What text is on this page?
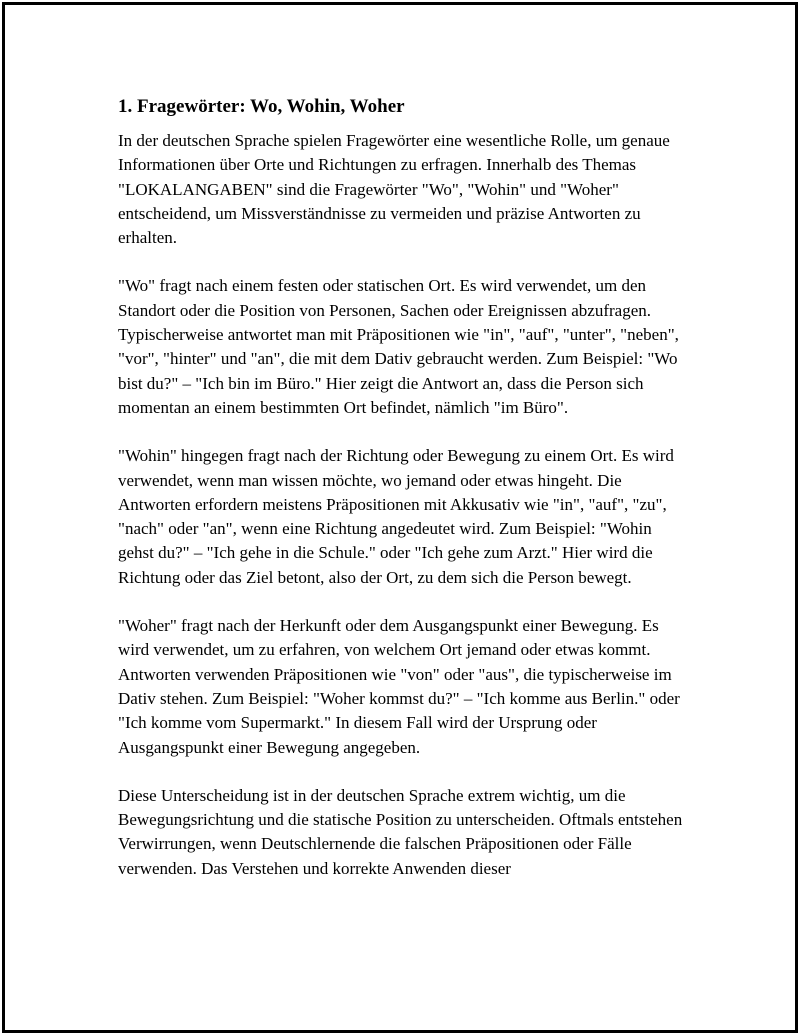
1. Fragewörter: Wo, Wohin, Woher

In der deutschen Sprache spielen Fragewörter eine wesentliche Rolle, um genaue Informationen über Orte und Richtungen zu erfragen. Innerhalb des Themas "LOKALANGABEN" sind die Fragewörter "Wo", "Wohin" und "Woher" entscheidend, um Missverständnisse zu vermeiden und präzise Antworten zu erhalten.

"Wo" fragt nach einem festen oder statischen Ort. Es wird verwendet, um den Standort oder die Position von Personen, Sachen oder Ereignissen abzufragen. Typischerweise antwortet man mit Präpositionen wie "in", "auf", "unter", "neben", "vor", "hinter" und "an", die mit dem Dativ gebraucht werden. Zum Beispiel: "Wo bist du?" – "Ich bin im Büro." Hier zeigt die Antwort an, dass die Person sich momentan an einem bestimmten Ort befindet, nämlich "im Büro".

"Wohin" hingegen fragt nach der Richtung oder Bewegung zu einem Ort. Es wird verwendet, wenn man wissen möchte, wo jemand oder etwas hingeht. Die Antworten erfordern meistens Präpositionen mit Akkusativ wie "in", "auf", "zu", "nach" oder "an", wenn eine Richtung angedeutet wird. Zum Beispiel: "Wohin gehst du?" – "Ich gehe in die Schule." oder "Ich gehe zum Arzt." Hier wird die Richtung oder das Ziel betont, also der Ort, zu dem sich die Person bewegt.

"Woher" fragt nach der Herkunft oder dem Ausgangspunkt einer Bewegung. Es wird verwendet, um zu erfahren, von welchem Ort jemand oder etwas kommt. Antworten verwenden Präpositionen wie "von" oder "aus", die typischerweise im Dativ stehen. Zum Beispiel: "Woher kommst du?" – "Ich komme aus Berlin." oder "Ich komme vom Supermarkt." In diesem Fall wird der Ursprung oder Ausgangspunkt einer Bewegung angegeben.

Diese Unterscheidung ist in der deutschen Sprache extrem wichtig, um die Bewegungsrichtung und die statische Position zu unterscheiden. Oftmals entstehen Verwirrungen, wenn Deutschlernende die falschen Präpositionen oder Fälle verwenden. Das Verstehen und korrekte Anwenden dieser
